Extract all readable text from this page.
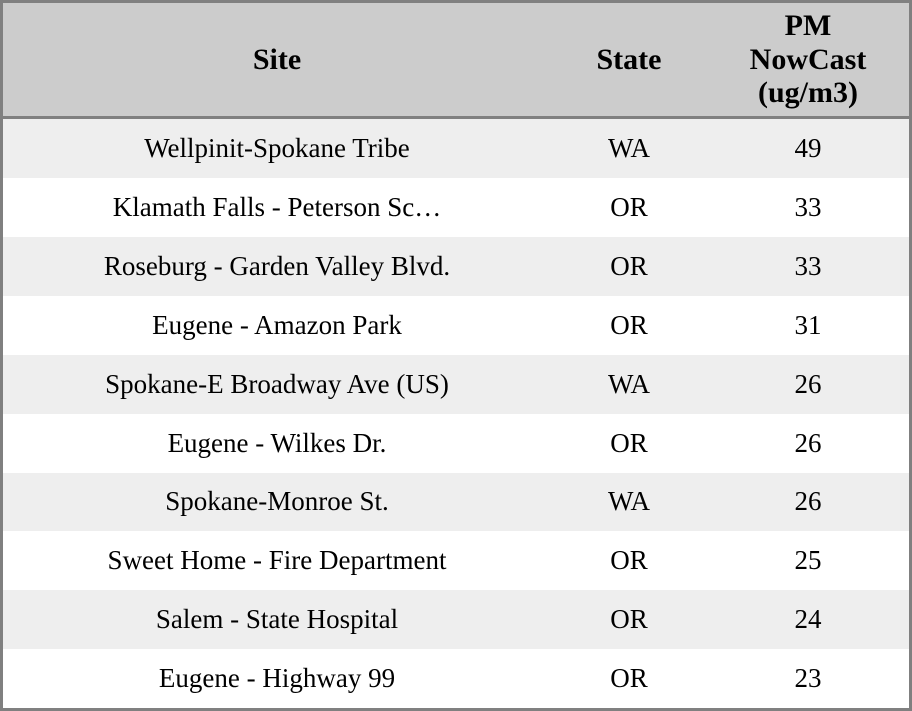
Site	State	PM
NowCast
(ug/m3)

Wellpinit-Spokane Tribe	WA	49
Klamath Falls - Peterson Sc…	OR	33
Roseburg - Garden Valley Blvd.	OR	33
Eugene - Amazon Park	OR	31
Spokane-E Broadway Ave (US)	WA	26
Eugene - Wilkes Dr.	OR	26
Spokane-Monroe St.	WA	26
Sweet Home - Fire Department	OR	25
Salem - State Hospital	OR	24
Eugene - Highway 99	OR	23
